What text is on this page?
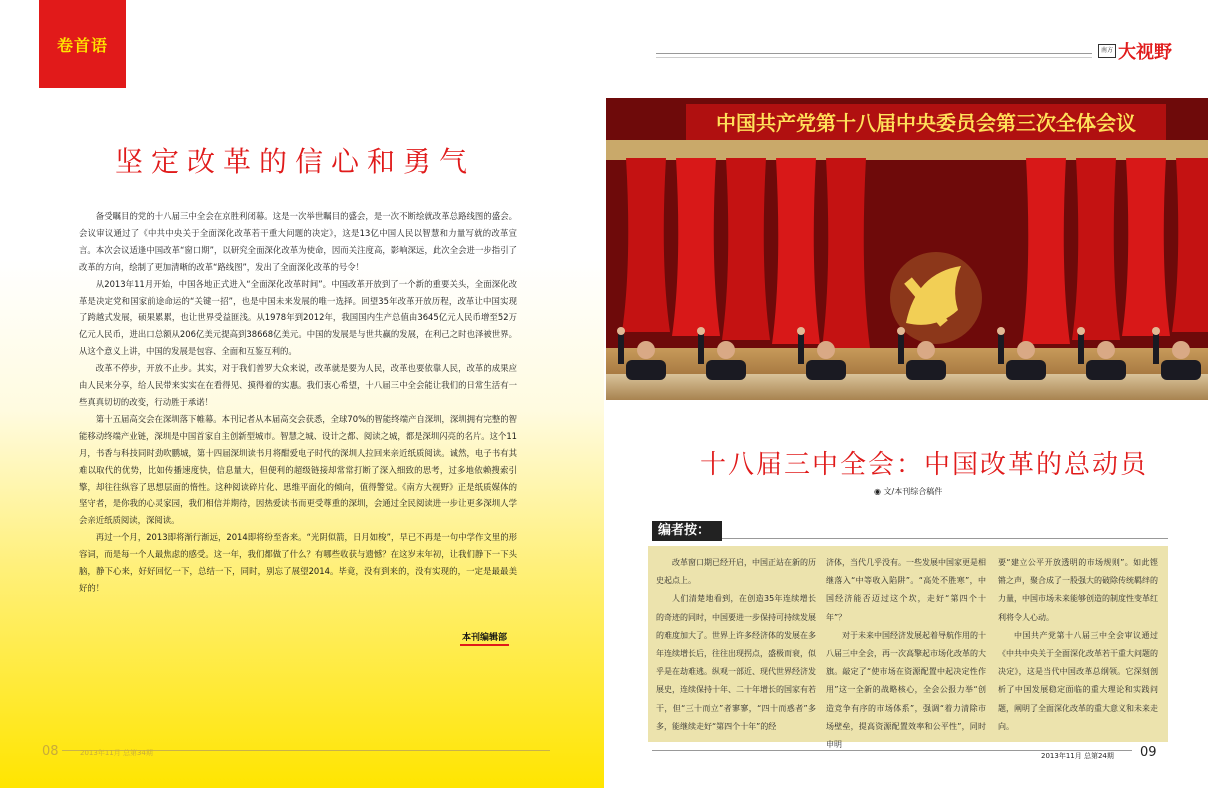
卷首语
坚定改革的信心和勇气

备受瞩目的党的十八届三中全会在京胜利闭幕。这是一次举世瞩目的盛会，是一次不断绘就改革总路线图的盛会。会议审议通过了《中共中央关于全面深化改革若干重大问题的决定》，这是13亿中国人民以智慧和力量写就的改革宣言。本次会议适逢中国改革“窗口期”，以研究全面深化改革为使命，因而关注度高，影响深远，此次全会进一步指引了改革的方向，绘制了更加清晰的改革“路线图”，发出了全面深化改革的号令！

从2013年11月开始，中国各地正式进入“全面深化改革时间”。中国改革开放到了一个新的重要关头，全面深化改革是决定党和国家前途命运的“关键一招”，也是中国未来发展的唯一选择。回望35年改革开放历程，改革让中国实现了跨越式发展，硕果累累，也让世界受益匪浅。从1978年到2012年，我国国内生产总值由3645亿元人民币增至52万亿元人民币，进出口总额从206亿美元提高到38668亿美元。中国的发展是与世共赢的发展，在利己之时也泽被世界。从这个意义上讲，中国的发展是包容、全面和互鉴互利的。

改革不停步，开放不止步。其实，对于我们普罗大众来说，改革就是要为人民，改革也要依靠人民，改革的成果应由人民来分享，给人民带来实实在在看得见、摸得着的实惠。我们衷心希望，十八届三中全会能让我们的日常生活有一些真真切切的改变，行动胜于承诺！

第十五届高交会在深圳落下帷幕。本刊记者从本届高交会获悉，全球70%的智能终端产自深圳，深圳拥有完整的智能移动终端产业链，深圳是中国首家自主创新型城市。智慧之城、设计之都、阅读之城，都是深圳闪亮的名片。这个11月，书香与科技同时劲吹鹏城，第十四届深圳读书月将酣爱电子时代的深圳人拉回来亲近纸质阅读。诚然，电子书有其难以取代的优势，比如传播速度快，信息量大，但便利的超级链接却常常打断了深入细致的思考，过多地依赖搜索引擎，却往往纵容了思想层面的惰性。这种阅读碎片化、思维平面化的倾向，值得警觉。《南方大视野》正是纸质媒体的坚守者，是你我的心灵家园，我们相信并期待，因热爱读书而更受尊重的深圳，会通过全民阅读进一步让更多深圳人学会亲近纸质阅读，深阅读。

再过一个月，2013即将渐行渐远，2014即将纷至沓来。“光阴似箭，日月如梭”，早已不再是一句中学作文里的形容词，而是每一个人最焦虑的感受。这一年，我们都做了什么？有哪些收获与遗憾？在这岁末年初，让我们静下一下头脑，静下心来，好好回忆一下，总结一下，同时，别忘了展望2014。毕竟，没有到来的，没有实现的，一定是最最美好的！

本刊编辑部
08	2013年11月 总第34期
南方 大视野
中国共产党第十八届中央委员会第三次全体会议
十八届三中全会：中国改革的总动员
◉ 文/本刊综合稿件
编者按：

改革窗口期已经开启，中国正站在新的历史起点上。

人们清楚地看到，在创造35年连续增长的奇迹的同时，中国要进一步保持可持续发展的难度加大了。世界上许多经济体的发展在多年连续增长后，往往出现拐点，盛极而衰，似乎是在劫难逃。纵观一部近、现代世界经济发展史，连续保持十年、二十年增长的国家有若干，但“三十而立”者寥寥，“四十而惑者”多多，能继续走好“第四个十年”的经

济体，当代几乎没有。一些发展中国家更是相继落入“中等收入陷阱”。“高处不胜寒”，中国经济能否迈过这个坎，走好“第四个十年”？

对于未来中国经济发展起着导航作用的十八届三中全会，再一次高擎起市场化改革的大旗。敲定了“使市场在资源配置中起决定性作用”这一全新的战略核心，全会公报力举“创造竞争有序的市场体系”，强调“着力清除市场壁垒，提高资源配置效率和公平性”，同时申明

要“建立公平开放透明的市场规则”。如此铿锵之声，聚合成了一股强大的破除传统羁绊的力量，中国市场未来能够创造的制度性变革红利将令人心动。

中国共产党第十八届三中全会审议通过《中共中央关于全面深化改革若干重大问题的决定》，这是当代中国改革总纲领。它深刻剖析了中国发展稳定面临的重大理论和实践问题，阐明了全面深化改革的重大意义和未来走向。

2013年11月 总第24期 09
